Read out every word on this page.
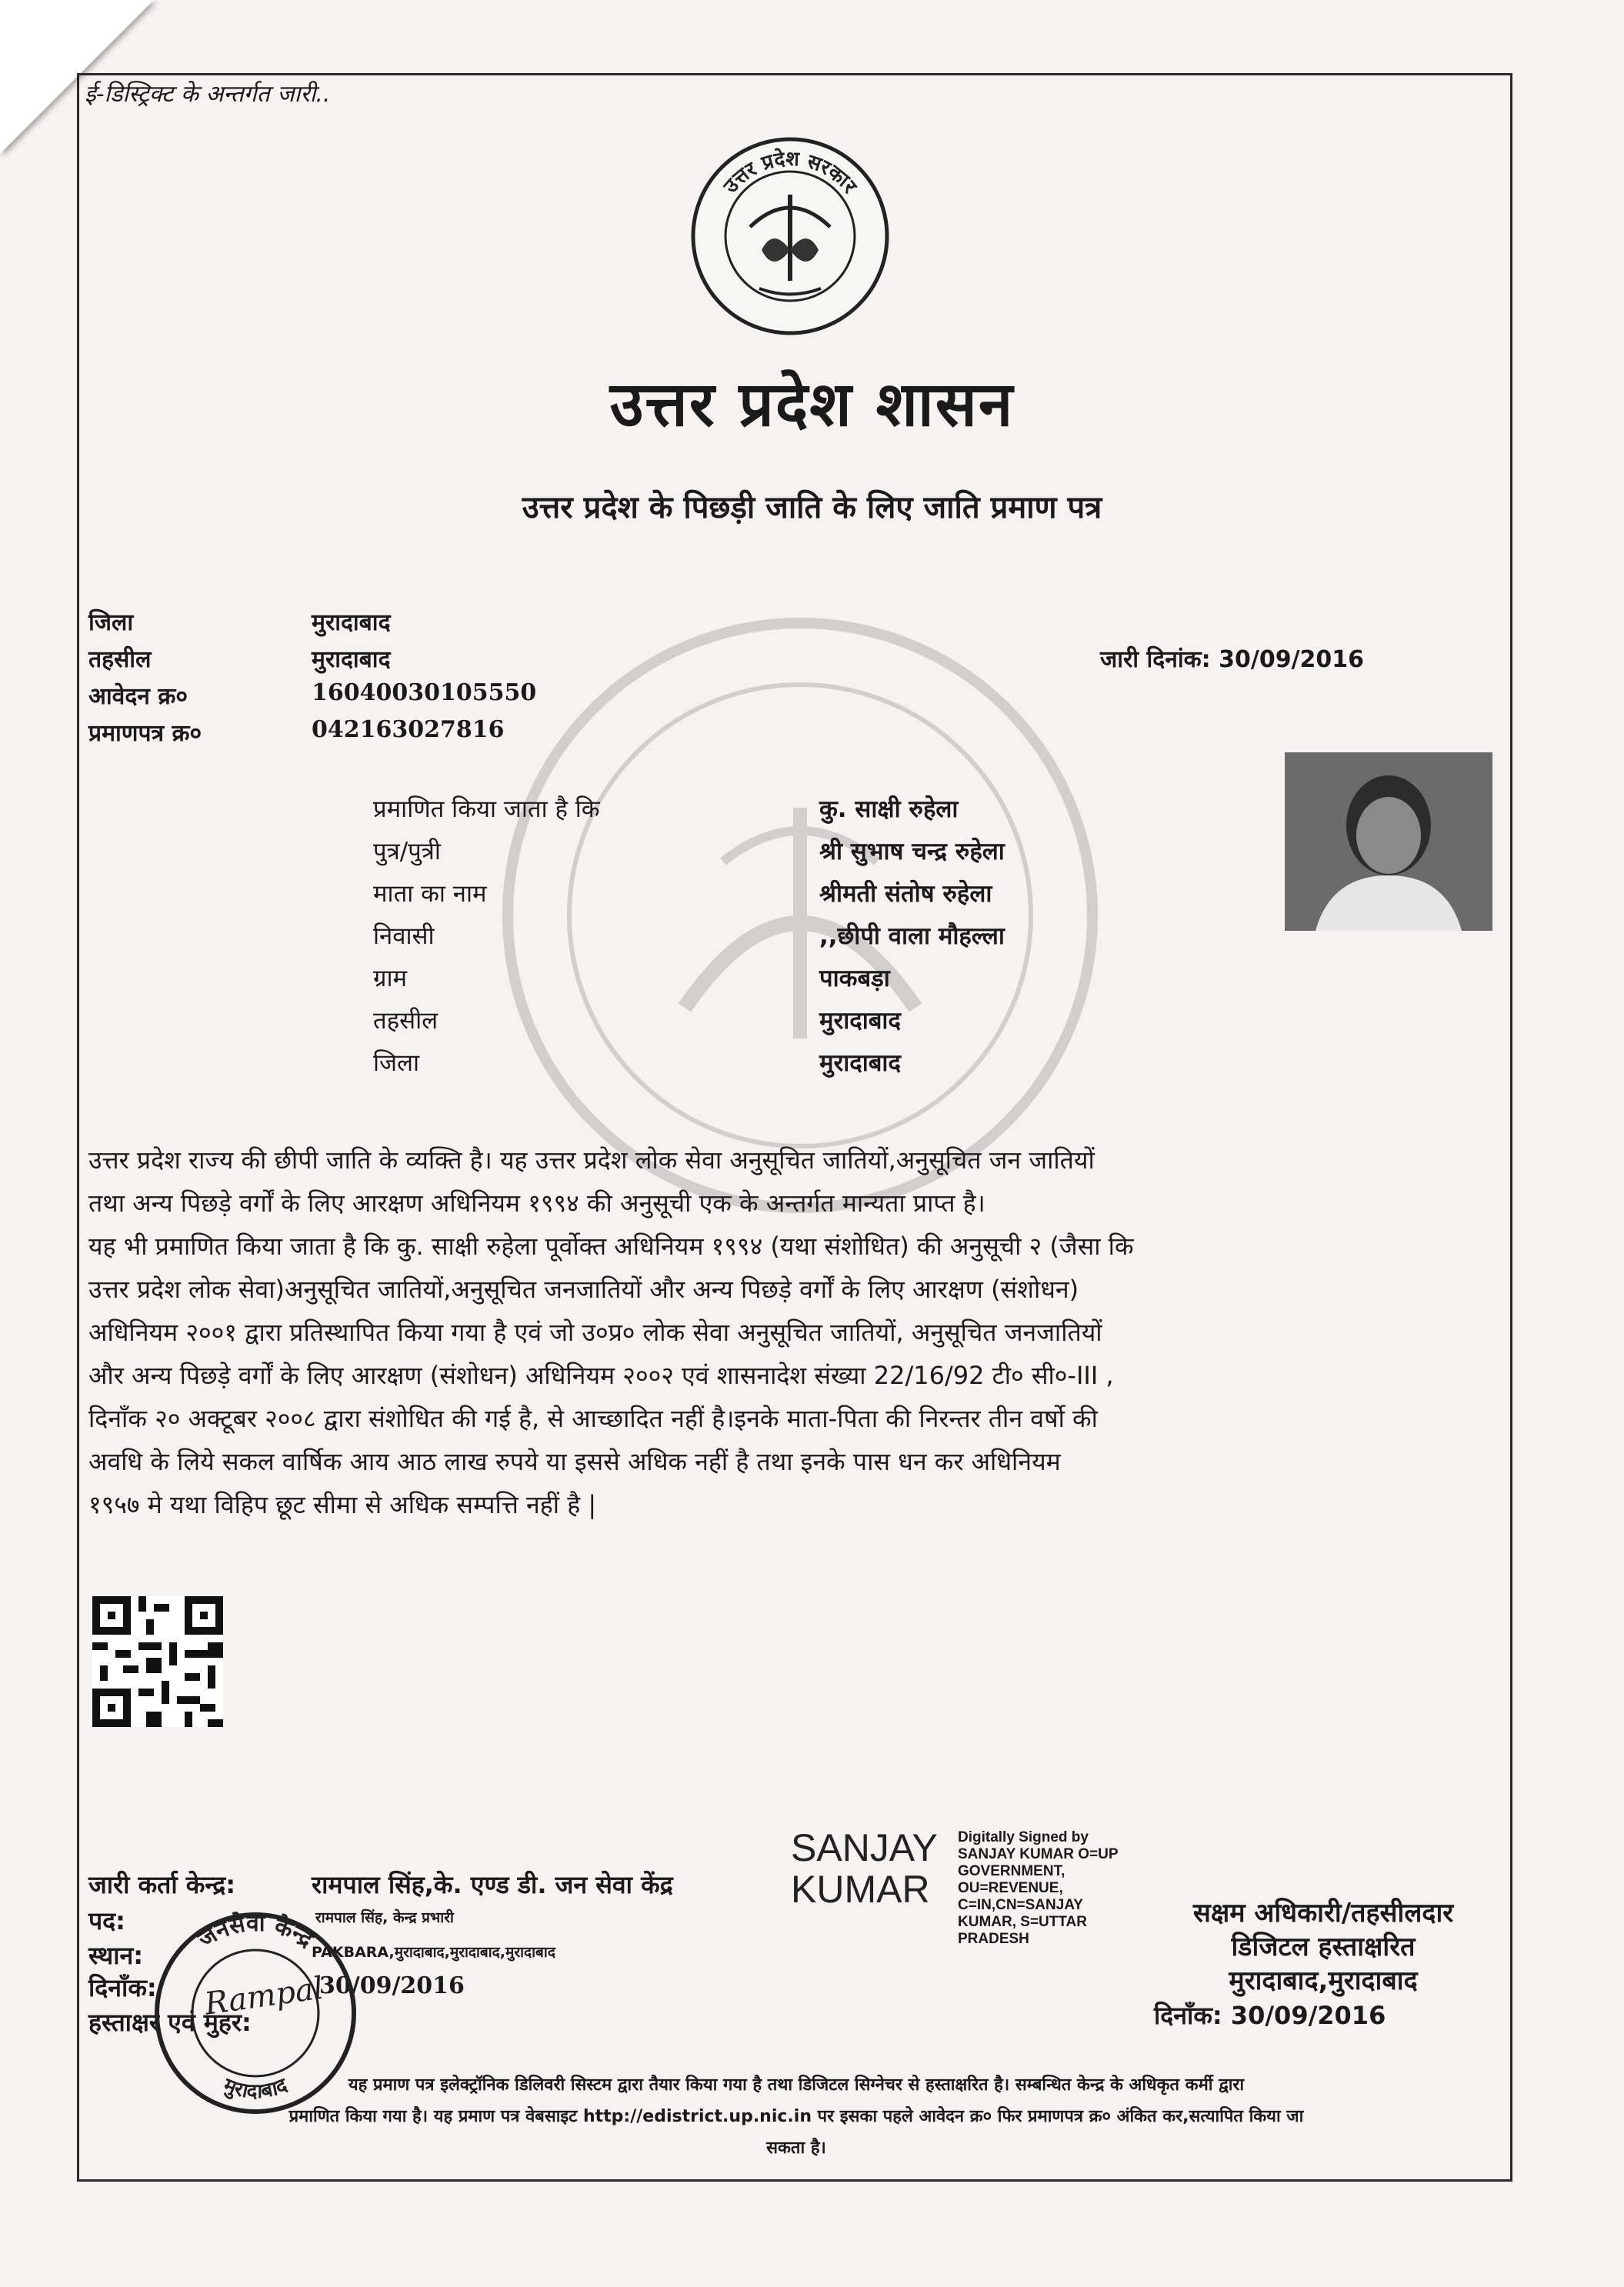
ई-डिस्ट्रिक्ट के अन्तर्गत जारी..
उत्तर प्रदेश सरकार
उत्तर प्रदेश शासन
उत्तर प्रदेश के पिछड़ी जाति के लिए जाति प्रमाण पत्र
जिला	मुरादाबाद
तहसील	मुरादाबाद
आवेदन क्र०	16040030105550
प्रमाणपत्र क्र०	042163027816
जारी दिनांक: 30/09/2016
प्रमाणित किया जाता है कि	कु. साक्षी रुहेला
पुत्र/पुत्री	श्री सुभाष चन्द्र रुहेला
माता का नाम	श्रीमती संतोष रुहेला
निवासी	,,छीपी वाला मौहल्ला
ग्राम	पाकबड़ा
तहसील	मुरादाबाद
जिला	मुरादाबाद

उत्तर प्रदेश राज्य की छीपी जाति के व्यक्ति है। यह उत्तर प्रदेश लोक सेवा अनुसूचित जातियों,अनुसूचित जन जातियों

तथा अन्य पिछड़े वर्गों के लिए आरक्षण अधिनियम १९९४ की अनुसूची एक के अन्तर्गत मान्यता प्राप्त है।

यह भी प्रमाणित किया जाता है कि कु. साक्षी रुहेला पूर्वोक्त अधिनियम १९९४ (यथा संशोधित) की अनुसूची २ (जैसा कि

उत्तर प्रदेश लोक सेवा)अनुसूचित जातियों,अनुसूचित जनजातियों और अन्य पिछड़े वर्गों के लिए आरक्षण (संशोधन)

अधिनियम २००१ द्वारा प्रतिस्थापित किया गया है एवं जो उ०प्र० लोक सेवा अनुसूचित जातियों, अनुसूचित जनजातियों

और अन्य पिछड़े वर्गों के लिए आरक्षण (संशोधन) अधिनियम २००२ एवं शासनादेश संख्या 22/16/92 टी० सी०-III ,

दिनाँक २० अक्टूबर २००८ द्वारा संशोधित की गई है, से आच्छादित नहीं है।इनके माता-पिता की निरन्तर तीन वर्षो की

अवधि के लिये सकल वार्षिक आय आठ लाख रुपये या इससे अधिक नहीं है तथा इनके पास धन कर अधिनियम

१९५७ मे यथा विहिप छूट सीमा से अधिक सम्पत्ति नहीं है |

SANJAY
KUMAR
Digitally Signed by
SANJAY KUMAR O=UP
GOVERNMENT,
OU=REVENUE,
C=IN,CN=SANJAY
KUMAR, S=UTTAR
PRADESH
जारी कर्ता केन्द्र:	रामपाल सिंह,के. एण्ड डी. जन सेवा केंद्र
पद:	रामपाल सिंह, केन्द्र प्रभारी
स्थान:	PAKBARA,मुरादाबाद,मुरादाबाद,मुरादाबाद
दिनाँक:	30/09/2016
हस्ताक्षर एवं मुहर:
जनसेवा केन्द्र
मुरादाबाद
Rampal

सक्षम अधिकारी/तहसीलदार

डिजिटल हस्ताक्षरित

मुरादाबाद,मुरादाबाद

दिनाँक: 30/09/2016

यह प्रमाण पत्र इलेक्ट्रॉनिक डिलिवरी सिस्टम द्वारा तैयार किया गया है तथा डिजिटल सिग्नेचर से हस्ताक्षरित है। सम्बन्धित केन्द्र के अधिकृत कर्मी द्वारा

प्रमाणित किया गया है। यह प्रमाण पत्र वेबसाइट http://edistrict.up.nic.in पर इसका पहले आवेदन क्र० फिर प्रमाणपत्र क्र० अंकित कर,सत्यापित किया जा

सकता है।
